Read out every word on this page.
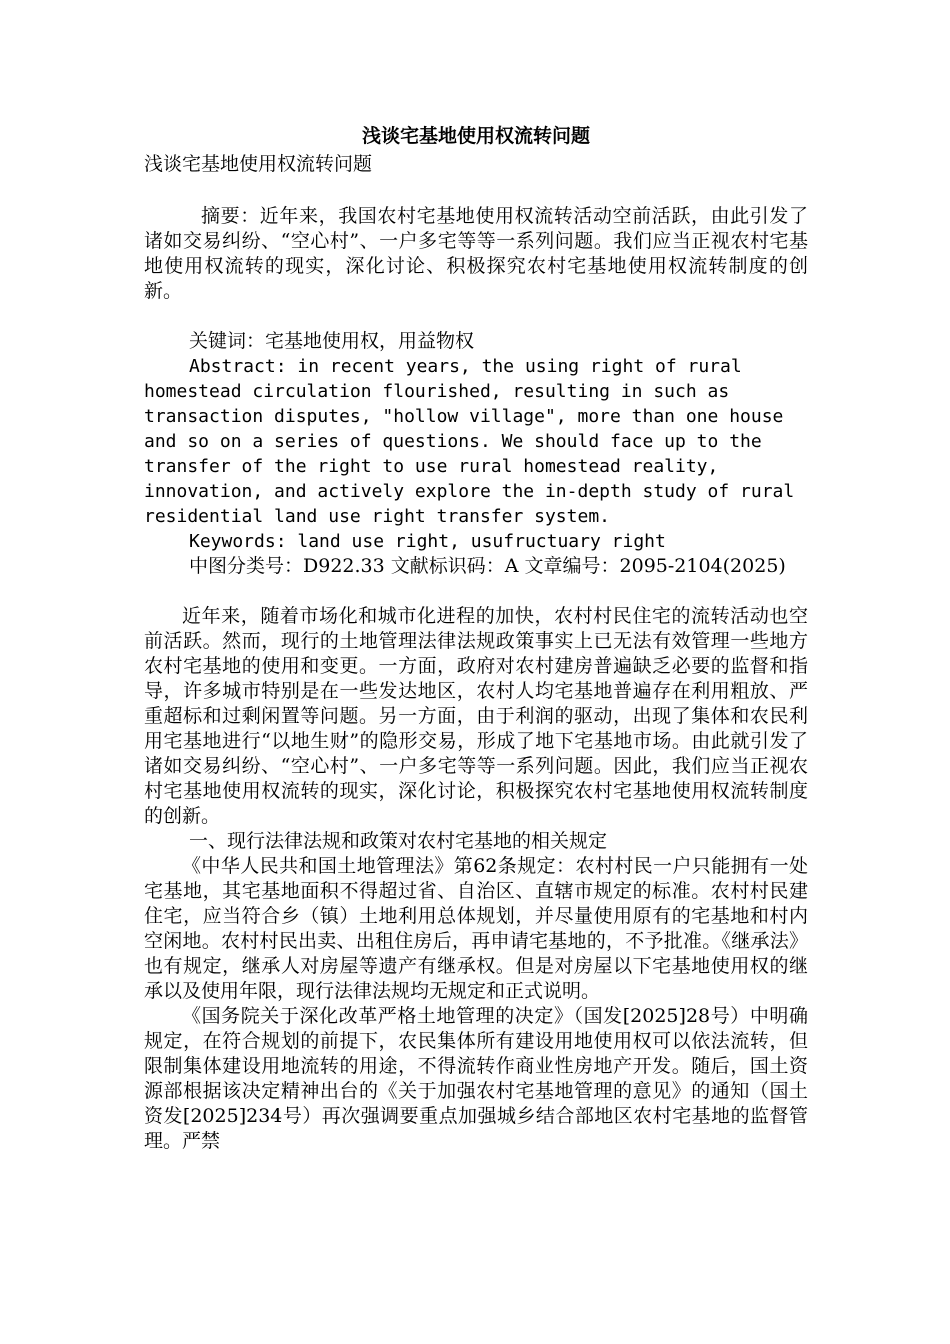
浅谈宅基地使用权流转问题
浅谈宅基地使用权流转问题

摘要：近年来，我国农村宅基地使用权流转活动空前活跃，由此引发了诸如交易纠纷、“空心村”、一户多宅等等一系列问题。我们应当正视农村宅基地使用权流转的现实，深化讨论、积极探究农村宅基地使用权流转制度的创新。

关键词：宅基地使用权，用益物权

Abstract: in recent years, the using right of rural homestead circulation flourished, resulting in such as transaction disputes, "hollow village", more than one house and so on a series of questions. We should face up to the transfer of the right to use rural homestead reality, innovation, and actively explore the in-depth study of rural residential land use right transfer system.

Keywords: land use right, usufructuary right

中图分类号：D922.33 文献标识码：A 文章编号：2095-2104(2025)

近年来，随着市场化和城市化进程的加快，农村村民住宅的流转活动也空前活跃。然而，现行的土地管理法律法规政策事实上已无法有效管理一些地方农村宅基地的使用和变更。一方面，政府对农村建房普遍缺乏必要的监督和指导，许多城市特别是在一些发达地区，农村人均宅基地普遍存在利用粗放、严重超标和过剩闲置等问题。另一方面，由于利润的驱动，出现了集体和农民利用宅基地进行“以地生财”的隐形交易，形成了地下宅基地市场。由此就引发了诸如交易纠纷、“空心村”、一户多宅等等一系列问题。因此，我们应当正视农村宅基地使用权流转的现实，深化讨论，积极探究农村宅基地使用权流转制度的创新。

一、现行法律法规和政策对农村宅基地的相关规定

《中华人民共和国土地管理法》第62条规定：农村村民一户只能拥有一处宅基地，其宅基地面积不得超过省、自治区、直辖市规定的标准。农村村民建住宅，应当符合乡（镇）土地利用总体规划，并尽量使用原有的宅基地和村内空闲地。农村村民出卖、出租住房后，再申请宅基地的，不予批准。《继承法》也有规定，继承人对房屋等遗产有继承权。但是对房屋以下宅基地使用权的继承以及使用年限，现行法律法规均无规定和正式说明。

《国务院关于深化改革严格土地管理的决定》（国发[2025]28号）中明确规定，在符合规划的前提下，农民集体所有建设用地使用权可以依法流转，但限制集体建设用地流转的用途，不得流转作商业性房地产开发。随后，国土资源部根据该决定精神出台的《关于加强农村宅基地管理的意见》的通知（国土资发[2025]234号）再次强调要重点加强城乡结合部地区农村宅基地的监督管理。严禁
